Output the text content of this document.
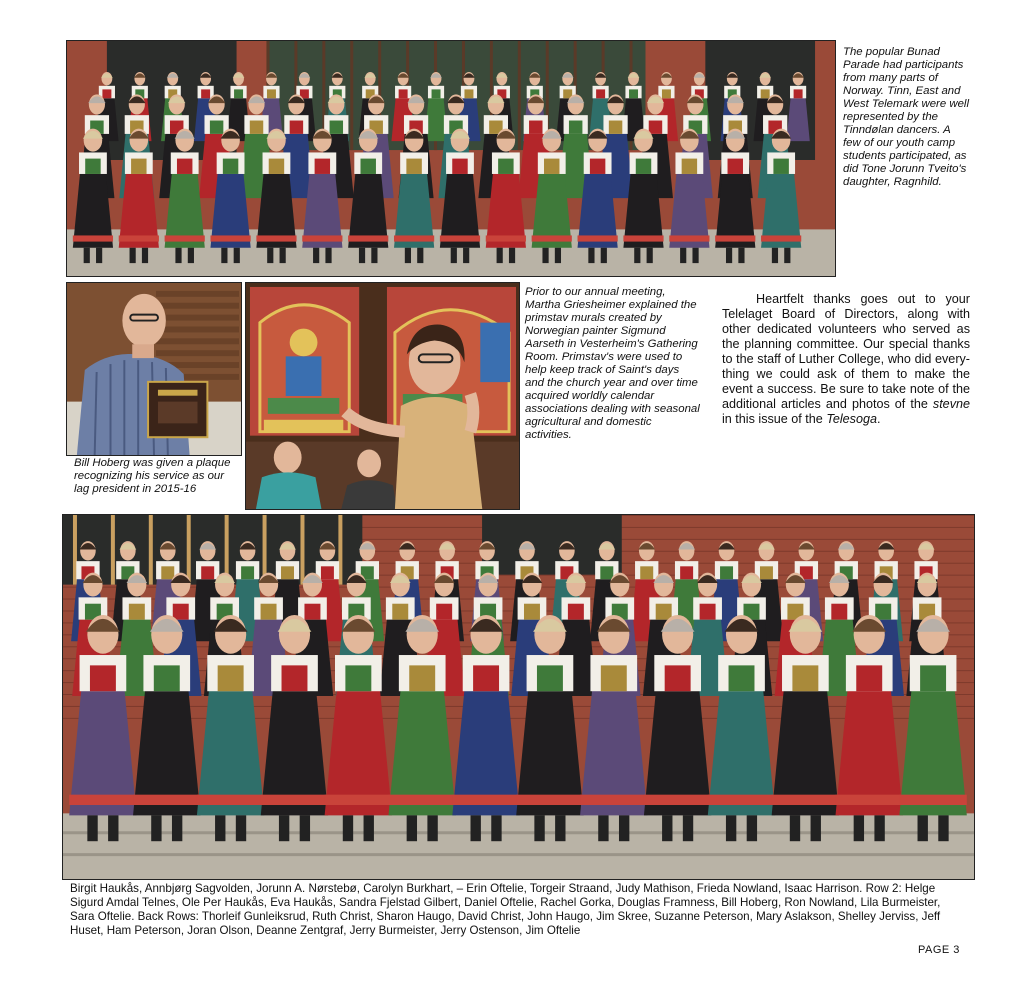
The popular Bunad Parade had participants from many parts of Norway. Tinn, East and West Telemark were well represented by the Tinndølan dancers. A few of our youth camp students participated, as did Tone Jorunn Tveito's daughter, Ragnhild.

Bill Hoberg was given a plaque recognizing his service as our lag president in 2015-16

Prior to our annual meeting, Martha Griesheimer explained the primstav murals created by Norwegian painter Sigmund Aarseth in Vesterheim's Gathering Room. Primstav's were used to help keep track of Saint's days and the church year and over time acquired worldly calendar associations dealing with seasonal agricultural and domestic activities.

Heartfelt thanks goes out to your Telelaget Board of Directors, along with other dedicated volunteers who served as the planning committee. Our special thanks to the staff of Luther College, who did every-thing we could ask of them to make the event a success. Be sure to take note of the additional articles and photos of the stevne in this issue of the Telesoga.

Birgit Haukås, Annbjørg Sagvolden, Jorunn A. Nørstebø, Carolyn Burkhart, – Erin Oftelie, Torgeir Straand, Judy Mathison, Frieda Nowland, Isaac Harrison. Row 2: Helge Sigurd Amdal Telnes, Ole Per Haukås, Eva Haukås, Sandra Fjelstad Gilbert, Daniel Oftelie, Rachel Gorka, Douglas Framness, Bill Hoberg, Ron Nowland, Lila Burmeister, Sara Oftelie. Back Rows: Thorleif Gunleiksrud, Ruth Christ, Sharon Haugo, David Christ, John Haugo, Jim Skree, Suzanne Peterson, Mary Aslakson, Shelley Jerviss, Jeff Huset, Ham Peterson, Joran Olson, Deanne Zentgraf, Jerry Burmeister, Jerry Ostenson, Jim Oftelie

PAGE 3
